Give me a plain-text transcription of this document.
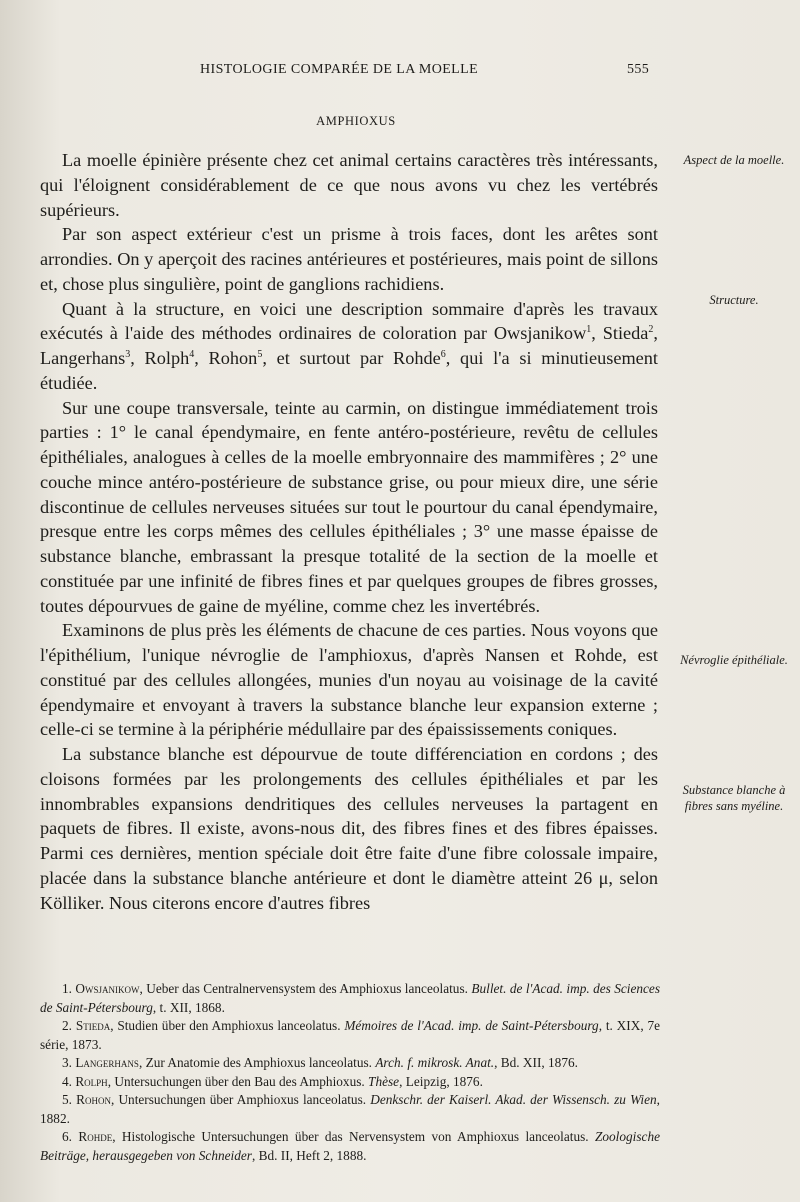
HISTOLOGIE COMPARÉE DE LA MOELLE	555
AMPHIOXUS

La moelle épinière présente chez cet animal certains caractères très intéressants, qui l'éloignent considérablement de ce que nous avons vu chez les vertébrés supérieurs.

Par son aspect extérieur c'est un prisme à trois faces, dont les arêtes sont arrondies. On y aperçoit des racines antérieures et postérieures, mais point de sillons et, chose plus singulière, point de ganglions rachidiens.

Quant à la structure, en voici une description sommaire d'après les travaux exécutés à l'aide des méthodes ordinaires de coloration par Owsjanikow$^1$, Stieda$^2$, Langerhans$^3$, Rolph$^4$, Rohon$^5$, et surtout par Rohde$^6$, qui l'a si minutieusement étudiée.

Sur une coupe transversale, teinte au carmin, on distingue immédiatement trois parties : 1° le canal épendymaire, en fente antéro-postérieure, revêtu de cellules épithéliales, analogues à celles de la moelle embryonnaire des mammifères ; 2° une couche mince antéro-postérieure de substance grise, ou pour mieux dire, une série discontinue de cellules nerveuses situées sur tout le pourtour du canal épendymaire, presque entre les corps mêmes des cellules épithéliales ; 3° une masse épaisse de substance blanche, embrassant la presque totalité de la section de la moelle et constituée par une infinité de fibres fines et par quelques groupes de fibres grosses, toutes dépourvues de gaine de myéline, comme chez les invertébrés.

Examinons de plus près les éléments de chacune de ces parties. Nous voyons que l'épithélium, l'unique névroglie de l'amphioxus, d'après Nansen et Rohde, est constitué par des cellules allongées, munies d'un noyau au voisinage de la cavité épendymaire et envoyant à travers la substance blanche leur expansion externe ; celle-ci se termine à la périphérie médullaire par des épaississements coniques.

La substance blanche est dépourvue de toute différenciation en cordons ; des cloisons formées par les prolongements des cellules épithéliales et par les innombrables expansions dendritiques des cellules nerveuses la partagent en paquets de fibres. Il existe, avons-nous dit, des fibres fines et des fibres épaisses. Parmi ces dernières, mention spéciale doit être faite d'une fibre colossale impaire, placée dans la substance blanche antérieure et dont le diamètre atteint 26 μ, selon Kölliker. Nous citerons encore d'autres fibres

Aspect de la moelle.
Structure.
Névroglie épithéliale.
Substance blanche à fibres sans myéline.

1. Owsjanikow, Ueber das Centralnervensystem des Amphioxus lanceolatus. Bullet. de l'Acad. imp. des Sciences de Saint-Pétersbourg, t. XII, 1868.

2. Stieda, Studien über den Amphioxus lanceolatus. Mémoires de l'Acad. imp. de Saint-Pétersbourg, t. XIX, 7e série, 1873.

3. Langerhans, Zur Anatomie des Amphioxus lanceolatus. Arch. f. mikrosk. Anat., Bd. XII, 1876.

4. Rolph, Untersuchungen über den Bau des Amphioxus. Thèse, Leipzig, 1876.

5. Rohon, Untersuchungen über Amphioxus lanceolatus. Denkschr. der Kaiserl. Akad. der Wissensch. zu Wien, 1882.

6. Rohde, Histologische Untersuchungen über das Nervensystem von Amphioxus lanceolatus. Zoologische Beiträge, herausgegeben von Schneider, Bd. II, Heft 2, 1888.
